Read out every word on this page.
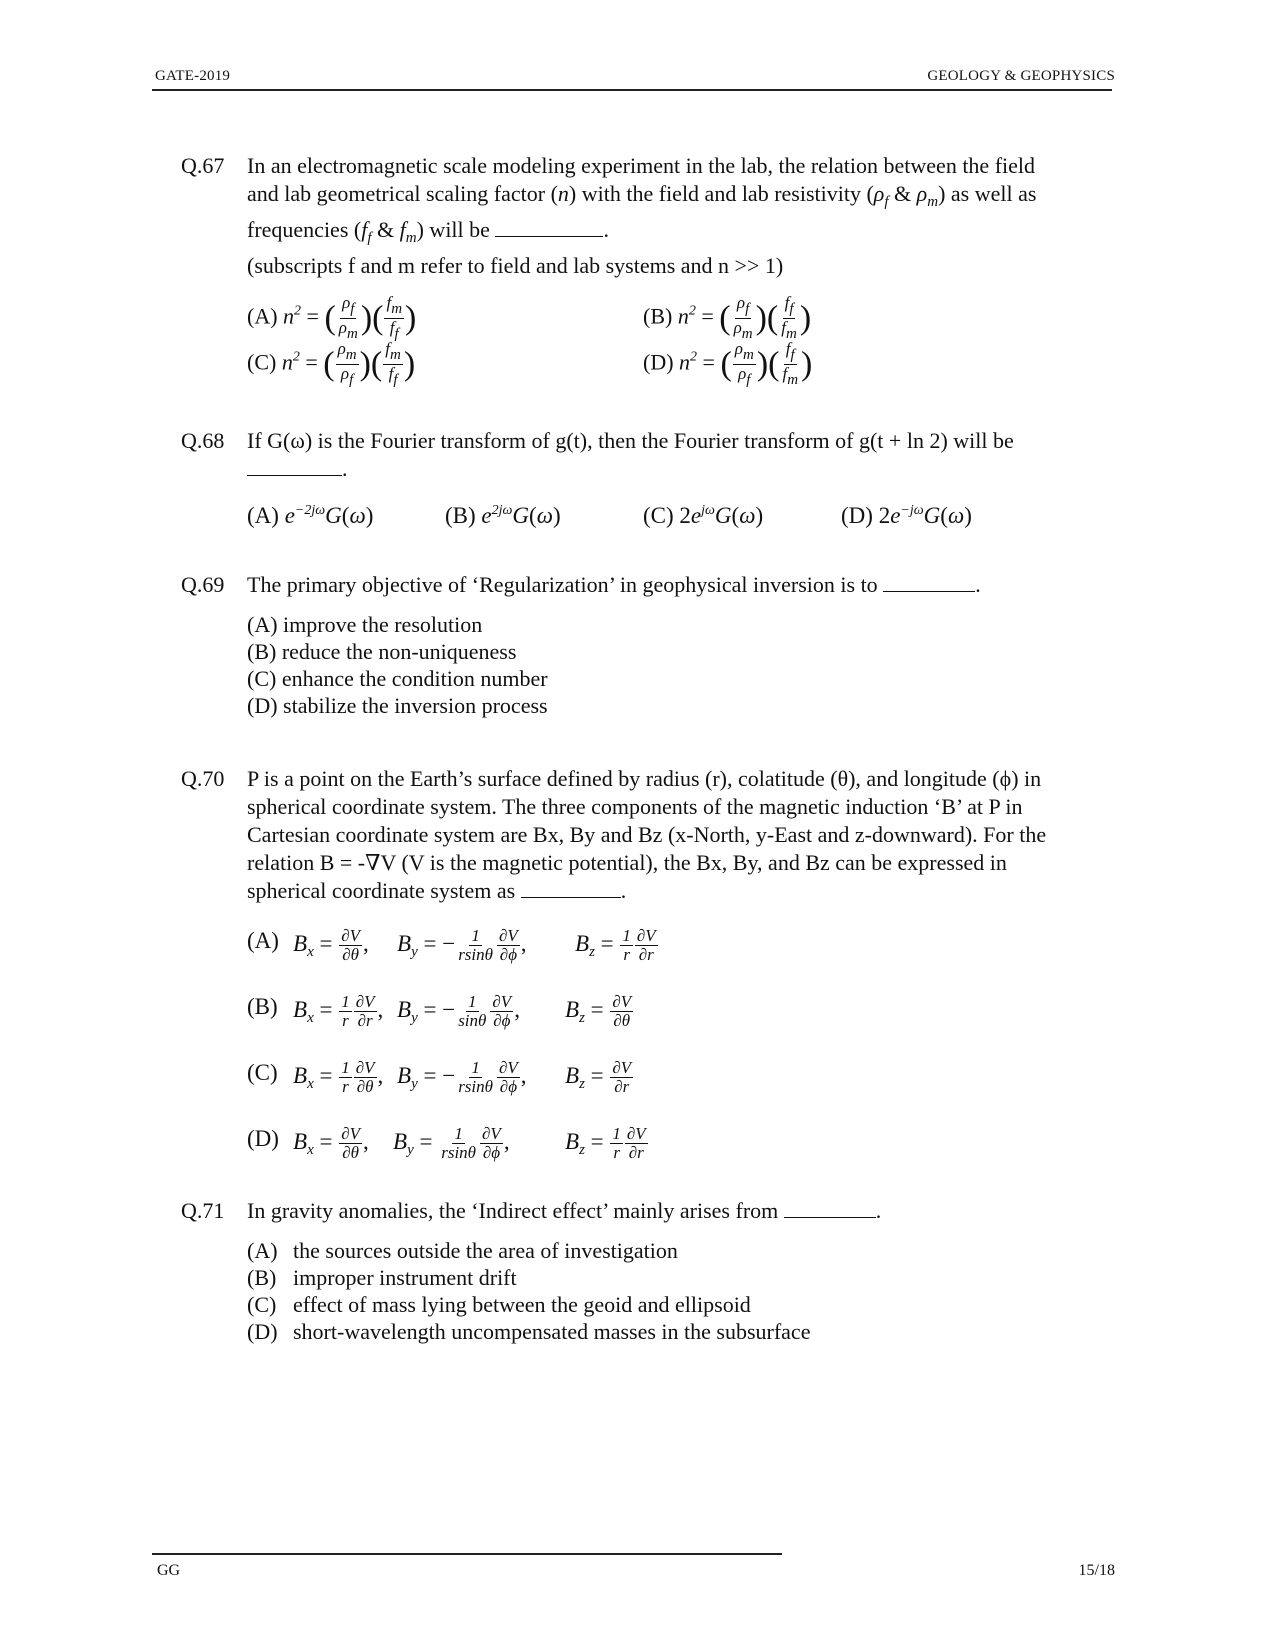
GATE-2019	GEOLOGY & GEOPHYSICS
Q.67 In an electromagnetic scale modeling experiment in the lab, the relation between the field
and lab geometrical scaling factor (n) with the field and lab resistivity ($\rho_f$ & $\rho_m$) as well as
frequencies ($f_f$ & $f_m$) will be	.
(subscripts f and m refer to field and lab systems and n >> 1)
(A) $n^2$ = ( $\frac{\rho f}{\rho m}$ )( $\frac{fm}{ff}$ )	(B) $n^2$ = ( $\frac{\rho f}{\rho m}$ )( $\frac{ff}{fm}$ )
(C) $n^2$ = ( $\frac{\rho m}{\rho f}$ )( $\frac{fm}{ff}$ )	(D) $n^2$ = ( $\frac{\rho m}{\rho f}$ )( $\frac{ff}{fm}$ )
Q.68 If G(ω) is the Fourier transform of g(t), then the Fourier transform of g(t + ln 2) will be
.
(A) $e^{-2j\omega}G(\omega)$	(B) $e^{2j\omega}G(\omega)$	(C) $2e^{j\omega}G(\omega)$	(D) $2e^{-j\omega}G(\omega)$
Q.69 The primary objective of ‘Regularization’ in geophysical inversion is to	.
(A) improve the resolution
(B) reduce the non-uniqueness
(C) enhance the condition number
(D) stabilize the inversion process
Q.70 P is a point on the Earth’s surface defined by radius (r), colatitude (θ), and longitude (ϕ) in
spherical coordinate system. The three components of the magnetic induction ‘B’ at P in
Cartesian coordinate system are Bx, By and Bz (x-North, y-East and z-downward). For the
relation B = -∇V (V is the magnetic potential), the Bx, By, and Bz can be expressed in
spherical coordinate system as	.
(A) $B_x = \frac{\partial V}{\partial\theta}$ , $B_y$ = − $\frac{1}{rsin\theta} \frac{\partial V}{\partial\phi}$ , $B_z = \frac{1}{r} \frac{\partial V}{\partial r}$
(B) $B_x = \frac{1}{r} \frac{\partial V}{\partial r}$ , $B_y$ = − $\frac{1}{\sin\theta} \frac{\partial V}{\partial\phi}$ , $B_z = \frac{\partial V}{\partial\theta}$
(C) $B_x = \frac{1}{r} \frac{\partial V}{\partial\theta}$ , $B_y$ = − $\frac{1}{rsin\theta} \frac{\partial V}{\partial\phi}$ , $B_z = \frac{\partial V}{\partial r}$
(D) $B_x = \frac{\partial V}{\partial\theta}$ , $B_y = \frac{1}{rsin\theta} \frac{\partial V}{\partial\phi}$ , $B_z = \frac{1}{r} \frac{\partial V}{\partial r}$
Q.71 In gravity anomalies, the ‘Indirect effect’ mainly arises from	.
(A) the sources outside the area of investigation
(B) improper instrument drift
(C) effect of mass lying between the geoid and ellipsoid
(D) short-wavelength uncompensated masses in the subsurface
GG	15/18
